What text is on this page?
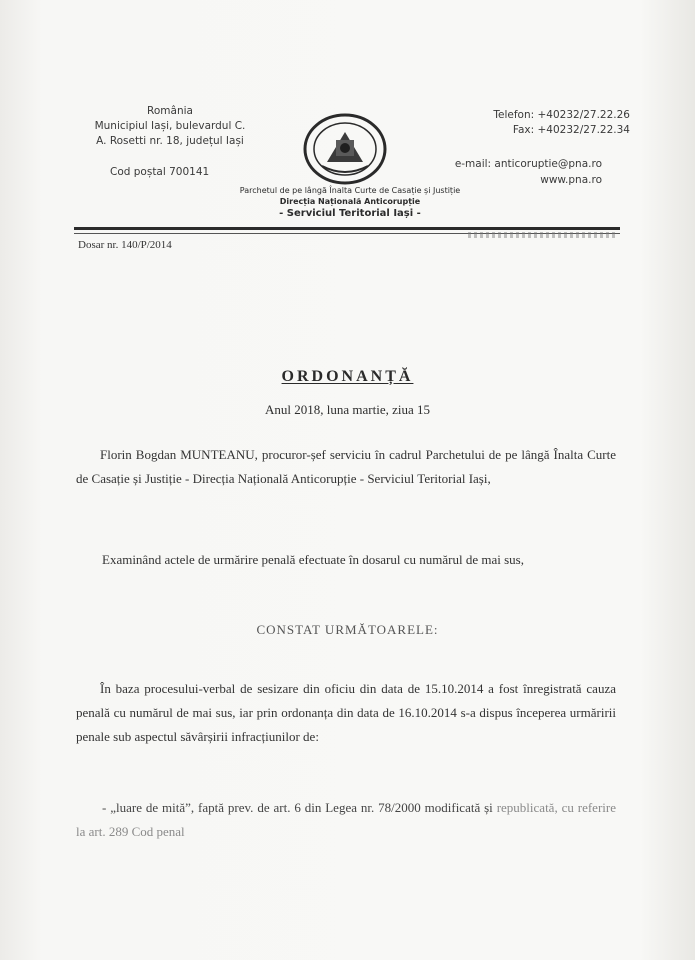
România
Municipiul Iași, bulevardul C.
A. Rosetti nr. 18, județul Iași
Cod poștal 700141
Telefon: +40232/27.22.26
Fax: +40232/27.22.34
e-mail: anticoruptie@pna.ro
www.pna.ro
Parchetul de pe lângă Înalta Curte de Casație și Justiție
Direcția Națională Anticorupție
- Serviciul Teritorial Iași -
Dosar nr. 140/P/2014
ORDONANȚĂ
Anul 2018, luna martie, ziua 15
Florin Bogdan MUNTEANU, procuror-șef serviciu în cadrul Parchetului de pe lângă Înalta Curte de Casație și Justiție - Direcția Națională Anticorupție - Serviciul Teritorial Iași,
Examinând actele de urmărire penală efectuate în dosarul cu numărul de mai sus,
CONSTAT URMĂTOARELE:
În baza procesului-verbal de sesizare din oficiu din data de 15.10.2014 a fost înregistrată cauza penală cu numărul de mai sus, iar prin ordonanța din data de 16.10.2014 s-a dispus începerea urmăririi penale sub aspectul săvârșirii infracțiunilor de:
- „luare de mită”, faptă prev. de art. 6 din Legea nr. 78/2000 modificată și republicată, cu referire la art. 289 Cod penal
